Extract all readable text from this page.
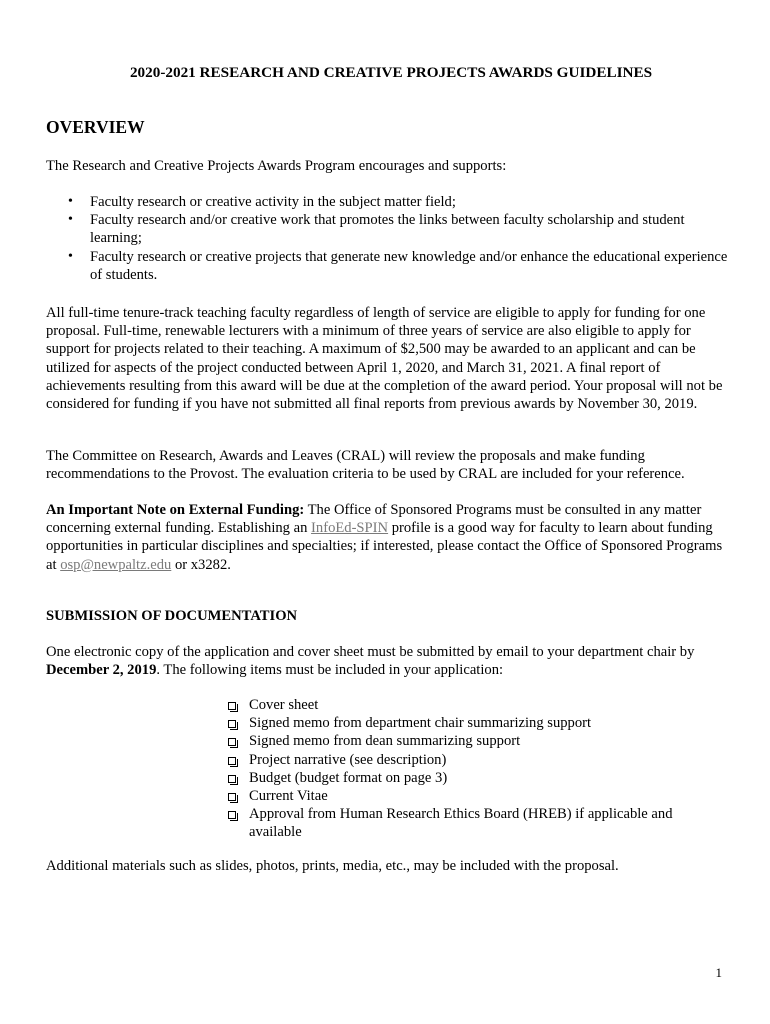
2020-2021 RESEARCH AND CREATIVE PROJECTS AWARDS GUIDELINES
OVERVIEW

The Research and Creative Projects Awards Program encourages and supports:

• Faculty research or creative activity in the subject matter field;
• Faculty research and/or creative work that promotes the links between faculty scholarship and student learning;
• Faculty research or creative projects that generate new knowledge and/or enhance the educational experience of students.

All full-time tenure-track teaching faculty regardless of length of service are eligible to apply for funding for one proposal. Full-time, renewable lecturers with a minimum of three years of service are also eligible to apply for support for projects related to their teaching. A maximum of $2,500 may be awarded to an applicant and can be utilized for aspects of the project conducted between April 1, 2020, and March 31, 2021. A final report of achievements resulting from this award will be due at the completion of the award period. Your proposal will not be considered for funding if you have not submitted all final reports from previous awards by November 30, 2019.

The Committee on Research, Awards and Leaves (CRAL) will review the proposals and make funding recommendations to the Provost. The evaluation criteria to be used by CRAL are included for your reference.

An Important Note on External Funding: The Office of Sponsored Programs must be consulted in any matter concerning external funding. Establishing an InfoEd-SPIN profile is a good way for faculty to learn about funding opportunities in particular disciplines and specialties; if interested, please contact the Office of Sponsored Programs at osp@newpaltz.edu or x3282.

SUBMISSION OF DOCUMENTATION

One electronic copy of the application and cover sheet must be submitted by email to your department chair by December 2, 2019. The following items must be included in your application:

Cover sheet
Signed memo from department chair summarizing support
Signed memo from dean summarizing support
Project narrative (see description)
Budget (budget format on page 3)
Current Vitae
Approval from Human Research Ethics Board (HREB) if applicable and available

Additional materials such as slides, photos, prints, media, etc., may be included with the proposal.

1
